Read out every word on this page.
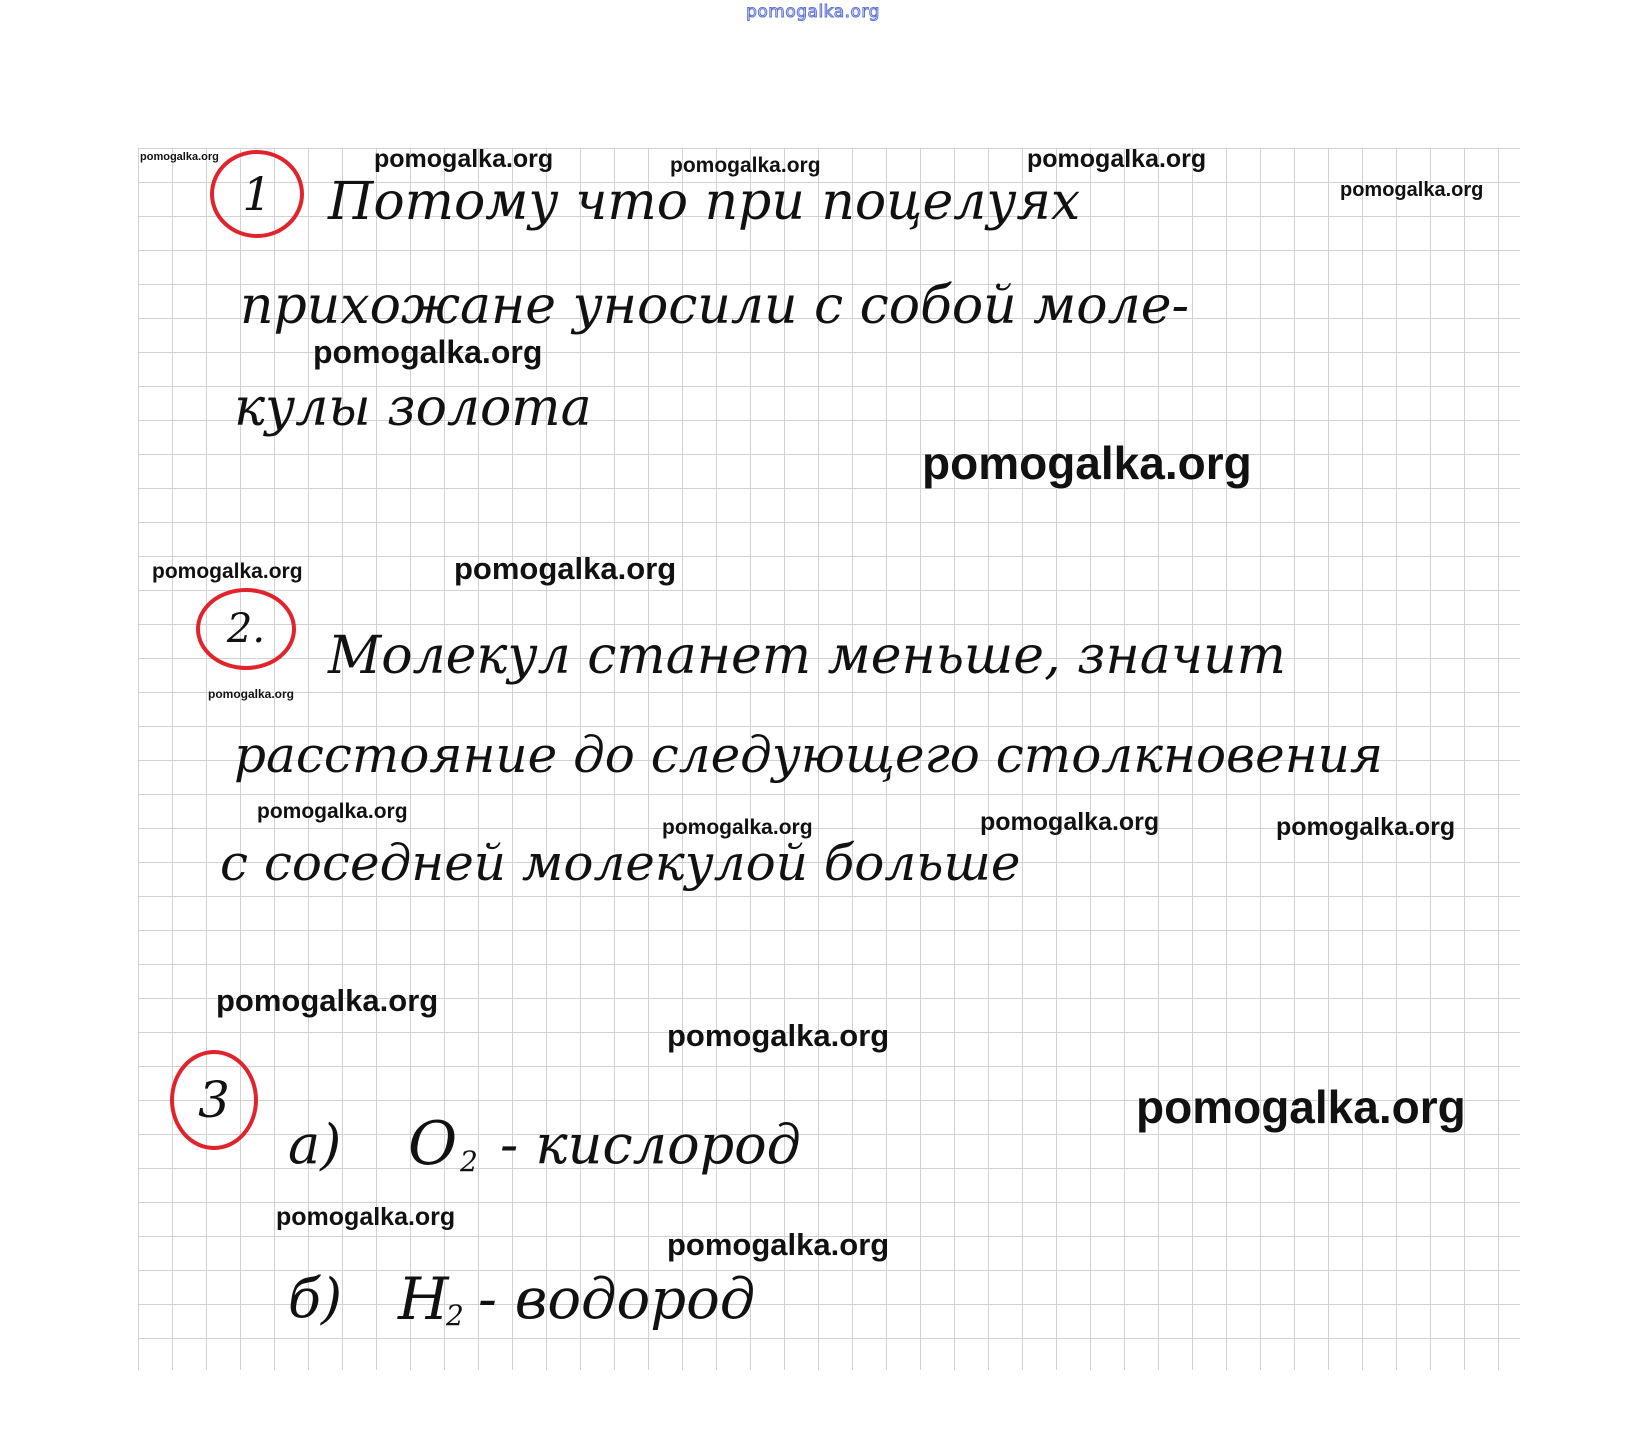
pomogalka.org
1 Потому что при поцелуях
прихожане уносили с собой моле-
кулы золота
2. Молекул станет меньше, значит
расстояние до следующего столкновения
с соседней молекулой больше
3
а) O 2 - кислород
б) H
2 - водород
pomogalka.org	pomogalka.org	pomogalka.org	pomogalka.org
pomogalka.org
pomogalka.org
pomogalka.org
pomogalka.org	pomogalka.org
pomogalka.org
pomogalka.org
pomogalka.org	pomogalka.org	pomogalka.org
pomogalka.org
pomogalka.org
pomogalka.org
pomogalka.org
pomogalka.org
